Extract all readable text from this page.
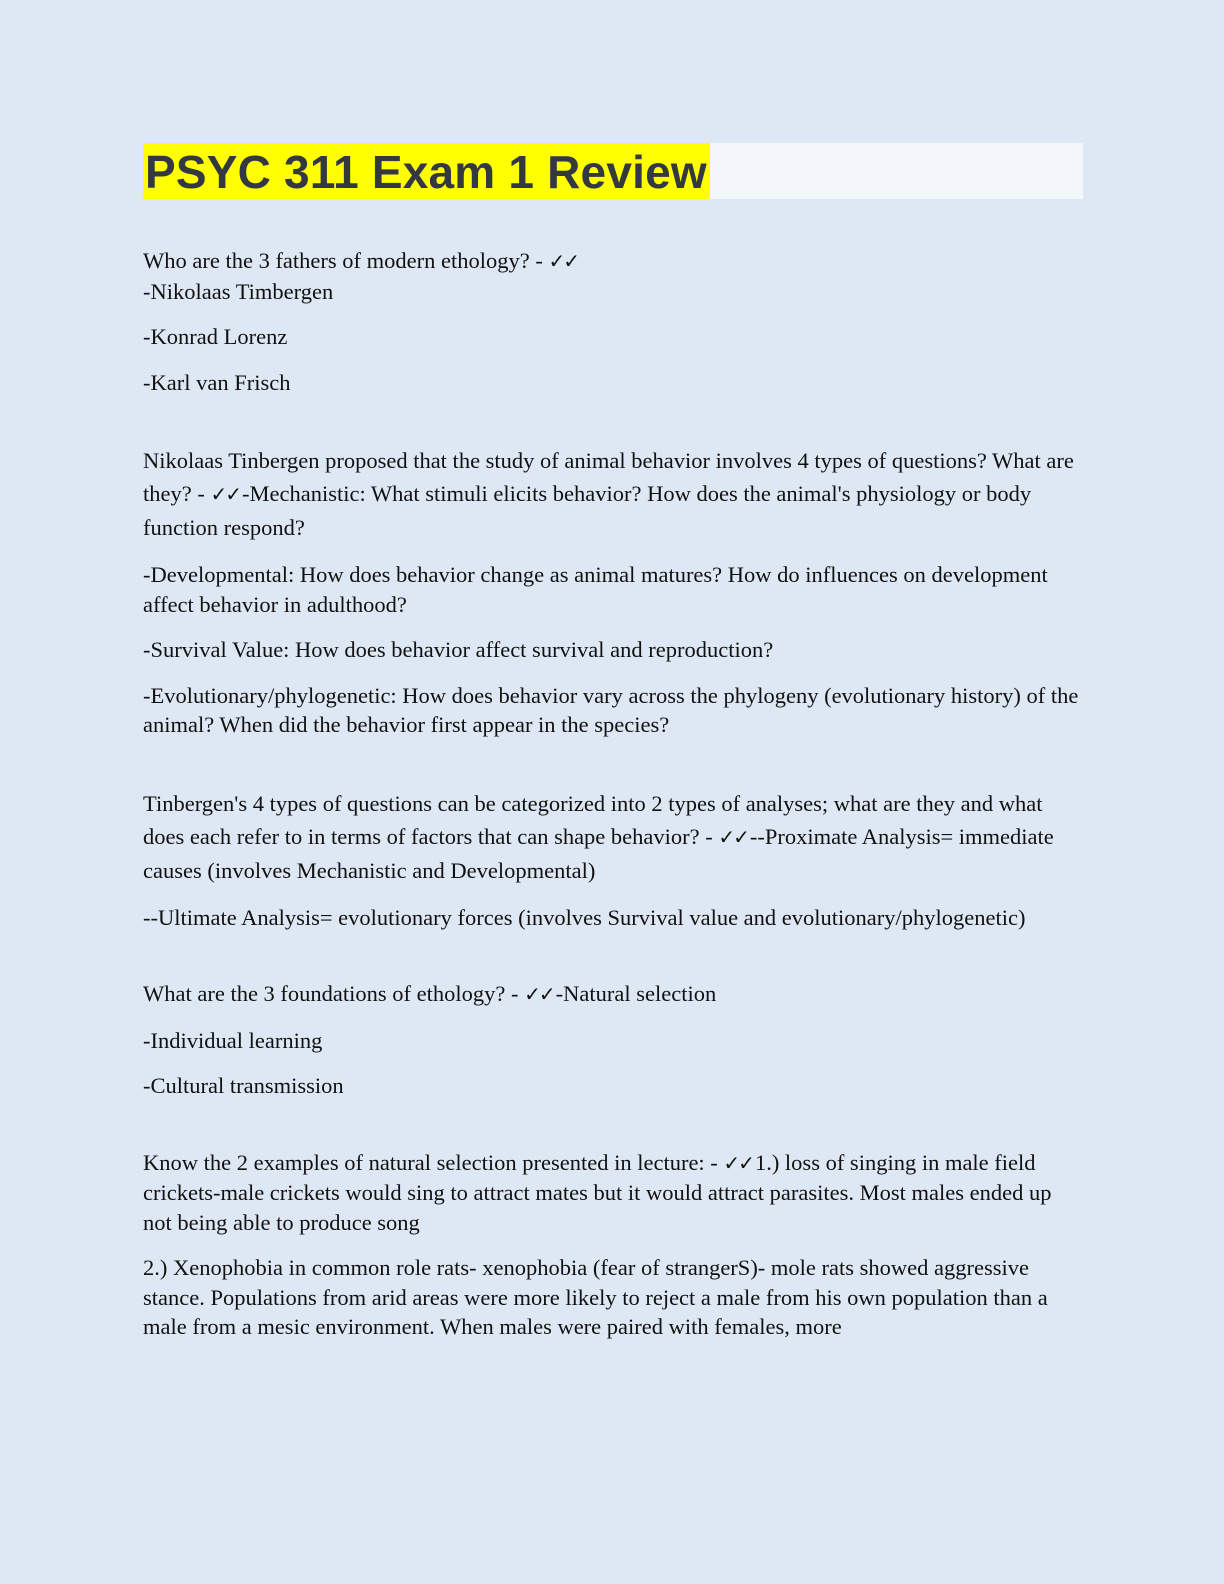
PSYC 311 Exam 1 Review
Who are the 3 fathers of modern ethology? - ✓✓

-Nikolaas Timbergen

-Konrad Lorenz

-Karl van Frisch

Nikolaas Tinbergen proposed that the study of animal behavior involves 4 types of questions? What are they? - ✓✓-Mechanistic: What stimuli elicits behavior? How does the animal's physiology or body function respond?

-Developmental: How does behavior change as animal matures? How do influences on development affect behavior in adulthood?

-Survival Value: How does behavior affect survival and reproduction?

-Evolutionary/phylogenetic: How does behavior vary across the phylogeny (evolutionary history) of the animal? When did the behavior first appear in the species?

Tinbergen's 4 types of questions can be categorized into 2 types of analyses; what are they and what does each refer to in terms of factors that can shape behavior? - ✓✓--Proximate Analysis= immediate causes (involves Mechanistic and Developmental)

--Ultimate Analysis= evolutionary forces (involves Survival value and evolutionary/phylogenetic)

What are the 3 foundations of ethology? - ✓✓-Natural selection

-Individual learning

-Cultural transmission

Know the 2 examples of natural selection presented in lecture: - ✓✓1.) loss of singing in male field crickets-male crickets would sing to attract mates but it would attract parasites. Most males ended up not being able to produce song

2.) Xenophobia in common role rats- xenophobia (fear of strangerS)- mole rats showed aggressive stance. Populations from arid areas were more likely to reject a male from his own population than a male from a mesic environment. When males were paired with females, more
